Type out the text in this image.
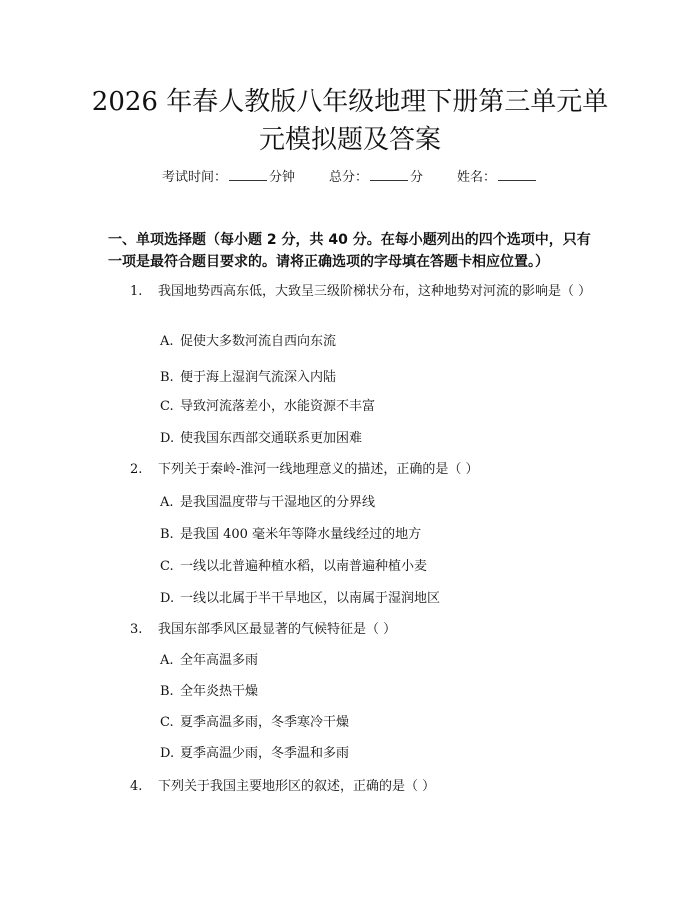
2026 年春人教版八年级地理下册第三单元单
元模拟题及答案
考试时间：	分钟	总分：	分	姓名：

一、单项选择题（每小题 2 分，共 40 分。在每小题列出的四个选项中，只有一项是最符合题目要求的。请将正确选项的字母填在答题卡相应位置。）

1.	我国地势西高东低，大致呈三级阶梯状分布，这种地势对河流的影响是（ ）
A. 促使大多数河流自西向东流
B. 便于海上湿润气流深入内陆
C. 导致河流落差小，水能资源不丰富
D. 使我国东西部交通联系更加困难
2.	下列关于秦岭-淮河一线地理意义的描述，正确的是（ ）
A. 是我国温度带与干湿地区的分界线
B. 是我国 400 毫米年等降水量线经过的地方
C. 一线以北普遍种植水稻，以南普遍种植小麦
D. 一线以北属于半干旱地区，以南属于湿润地区
3.	我国东部季风区最显著的气候特征是（ ）
A. 全年高温多雨
B. 全年炎热干燥
C. 夏季高温多雨，冬季寒冷干燥
D. 夏季高温少雨，冬季温和多雨
4.	下列关于我国主要地形区的叙述，正确的是（ ）
